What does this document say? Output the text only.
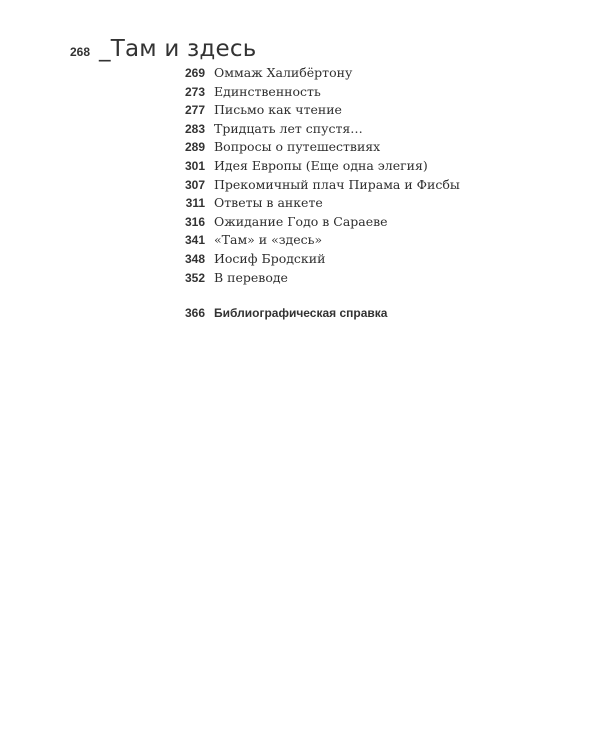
268 _Там и здесь
269 Оммаж Халибёртону
273 Единственность
277 Письмо как чтение
283 Тридцать лет спустя…
289 Вопросы о путешествиях
301 Идея Европы (Еще одна элегия)
307 Прекомичный плач Пирама и Фисбы
311 Ответы в анкете
316 Ожидание Годо в Сараеве
341 «Там» и «здесь»
348 Иосиф Бродский
352 В переводе
366 Библиографическая справка
